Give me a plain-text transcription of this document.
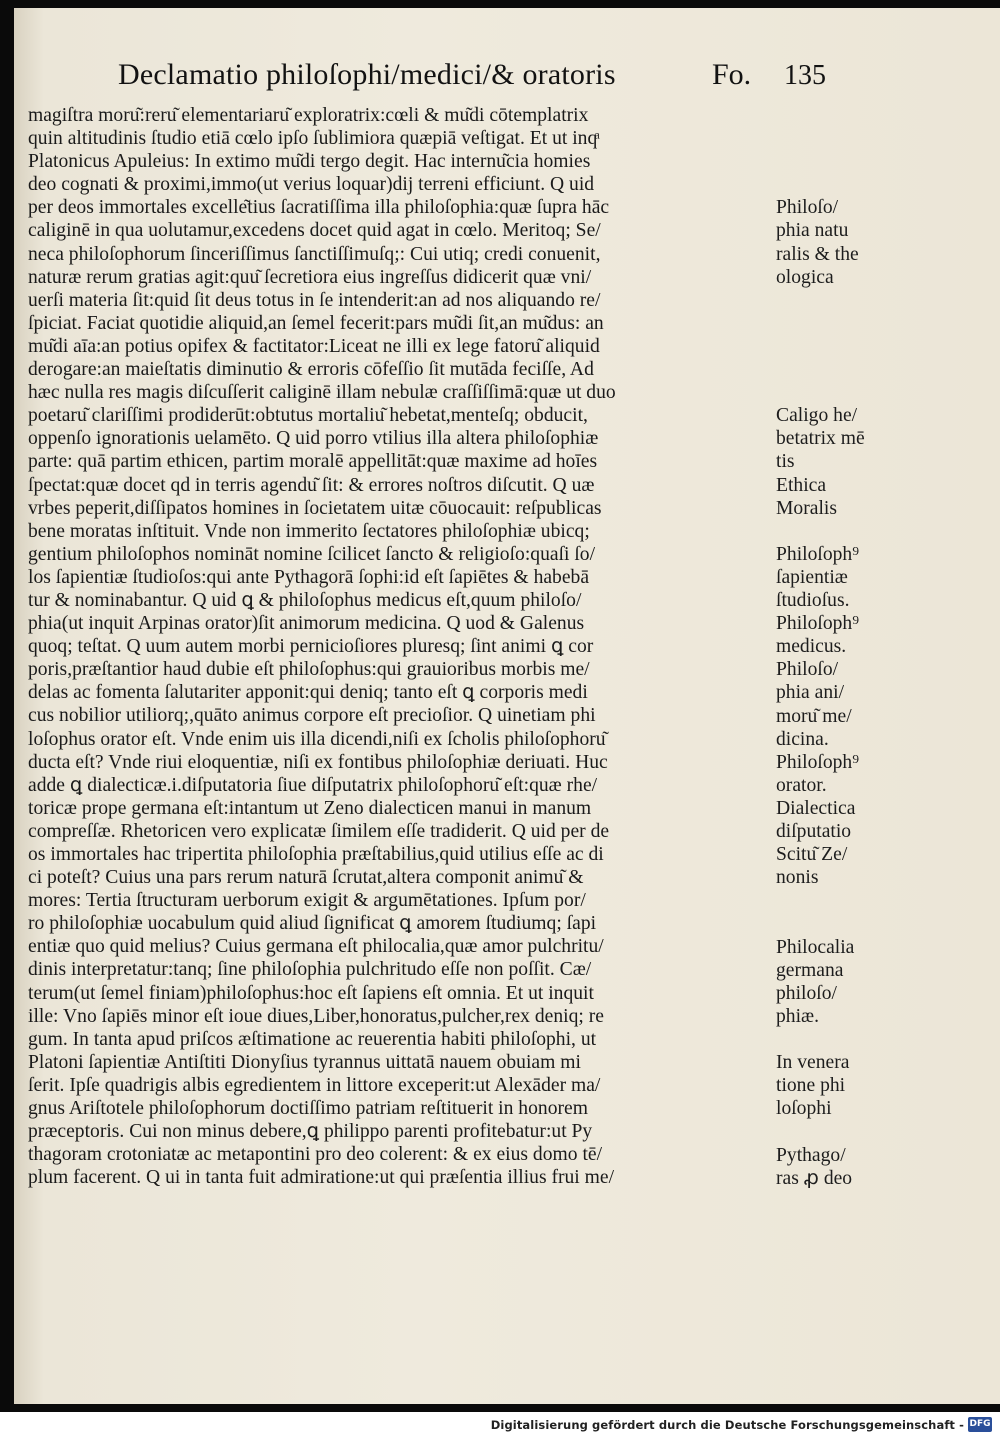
Declamatio philoſophi/medici/& oratoris	Fo. 135
magiſtra moru͂:reru͂ elementariaru͂ exploratrix:cœli & mu͂di cōtemplatrix
quin altitudinis ſtudio etiā cœlo ipſo ſublimiora quæpiā veſtigat. Et ut inqͣ
Platonicus Apuleius: In extimo mu͂di tergo degit. Hac internu͂cia homies
deo cognati & proximi,immo(ut verius loquar)dij terreni efficiunt. Q uid
per deos immortales excelle͂tius ſacratiſſima illa philoſophia:quæ ſupra hāc
caliginē in qua uolutamur,excedens docet quid agat in cœlo. Meritoq; Se/
neca philoſophorum ſinceriſſimus ſanctiſſimuſq;: Cui utiq; credi conuenit,
naturæ rerum gratias agit:quu͂ ſecretiora eius ingreſſus didicerit quæ vni/
uerſi materia ſit:quid ſit deus totus in ſe intenderit:an ad nos aliquando re/
ſpiciat. Faciat quotidie aliquid,an ſemel fecerit:pars mu͂di ſit,an mu͂dus: an
mu͂di aīa:an potius opifex & factitator:Liceat ne illi ex lege fatoru͂ aliquid
derogare:an maieſtatis diminutio & erroris cōfeſſio ſit mutāda feciſſe, Ad
hæc nulla res magis diſcuſſerit caliginē illam nebulæ craſſiſſimā:quæ ut duo
poetaru͂ clariſſimi prodiderūt:obtutus mortaliu͂ hebetat,menteſq; obducit,
oppenſo ignorationis uelamēto. Q uid porro vtilius illa altera philoſophiæ
parte: quā partim ethicen, partim moralē appellitāt:quæ maxime ad hoīes
ſpectat:quæ docet qd in terris agendu͂ ſit: & errores noſtros diſcutit. Q uæ
vrbes peperit,diſſipatos homines in ſocietatem uitæ cōuocauit: reſpublicas
bene moratas inſtituit. Vnde non immerito ſectatores philoſophiæ ubicq;
gentium philoſophos nomināt nomine ſcilicet ſancto & religioſo:quaſi ſo/
los ſapientiæ ſtudioſos:qui ante Pythagorā ſophi:id eſt ſapiētes & habebā
tur & nominabantur. Q uid ꝗ & philoſophus medicus eſt,quum philoſo/
phia(ut inquit Arpinas orator)ſit animorum medicina. Q uod & Galenus
quoq; teſtat. Q uum autem morbi pernicioſiores pluresq; ſint animi ꝗ cor
poris,præſtantior haud dubie eſt philoſophus:qui grauioribus morbis me/
delas ac fomenta ſalutariter apponit:qui deniq; tanto eſt ꝗ corporis medi
cus nobilior utiliorq;,quāto animus corpore eſt precioſior. Q uinetiam phi
loſophus orator eſt. Vnde enim uis illa dicendi,niſi ex ſcholis philoſophoru͂
ducta eſt? Vnde riui eloquentiæ, niſi ex fontibus philoſophiæ deriuati. Huc
adde ꝗ dialecticæ.i.diſputatoria ſiue diſputatrix philoſophoru͂ eſt:quæ rhe/
toricæ prope germana eſt:intantum ut Zeno dialecticen manui in manum
compreſſæ. Rhetoricen vero explicatæ ſimilem eſſe tradiderit. Q uid per de
os immortales hac tripertita philoſophia præſtabilius,quid utilius eſſe ac di
ci poteſt? Cuius una pars rerum naturā ſcrutat,altera componit animu͂ &
mores: Tertia ſtructuram uerborum exigit & argumētationes. Ipſum por/
ro philoſophiæ uocabulum quid aliud ſignificat ꝗ amorem ſtudiumq; ſapi
entiæ quo quid melius? Cuius germana eſt philocalia,quæ amor pulchritu/
dinis interpretatur:tanq; ſine philoſophia pulchritudo eſſe non poſſit. Cæ/
terum(ut ſemel finiam)philoſophus:hoc eſt ſapiens eſt omnia. Et ut inquit
ille: Vno ſapiēs minor eſt ioue diues,Liber,honoratus,pulcher,rex deniq; re
gum. In tanta apud priſcos æſtimatione ac reuerentia habiti philoſophi, ut
Platoni ſapientiæ Antiſtiti Dionyſius tyrannus uittatā nauem obuiam mi
ſerit. Ipſe quadrigis albis egredientem in littore exceperit:ut Alexāder ma/
gnus Ariſtotele philoſophorum doctiſſimo patriam reſtituerit in honorem
præceptoris. Cui non minus debere,ꝗ philippo parenti profitebatur:ut Py
thagoram crotoniatæ ac metapontini pro deo colerent: & ex eius domo tē/
plum facerent. Q ui in tanta fuit admiratione:ut qui præſentia illius frui me/
Philoſo/
phia natu
ralis & the
ologica
Caligo he/
betatrix mē
tis
Ethica
Moralis
Philoſoph⁹
ſapientiæ
ſtudioſus.
Philoſoph⁹
medicus.
Philoſo/
phia ani/
moru͂ me/
dicina.
Philoſoph⁹
orator.
Dialectica
diſputatio
Scitu͂ Ze/
nonis
Philocalia
germana
philoſo/
phiæ.
In venera
tione phi
loſophi
Pythago/
ras ꝓ deo
Digitalisierung gefördert durch die Deutsche Forschungsgemeinschaft - DFG
